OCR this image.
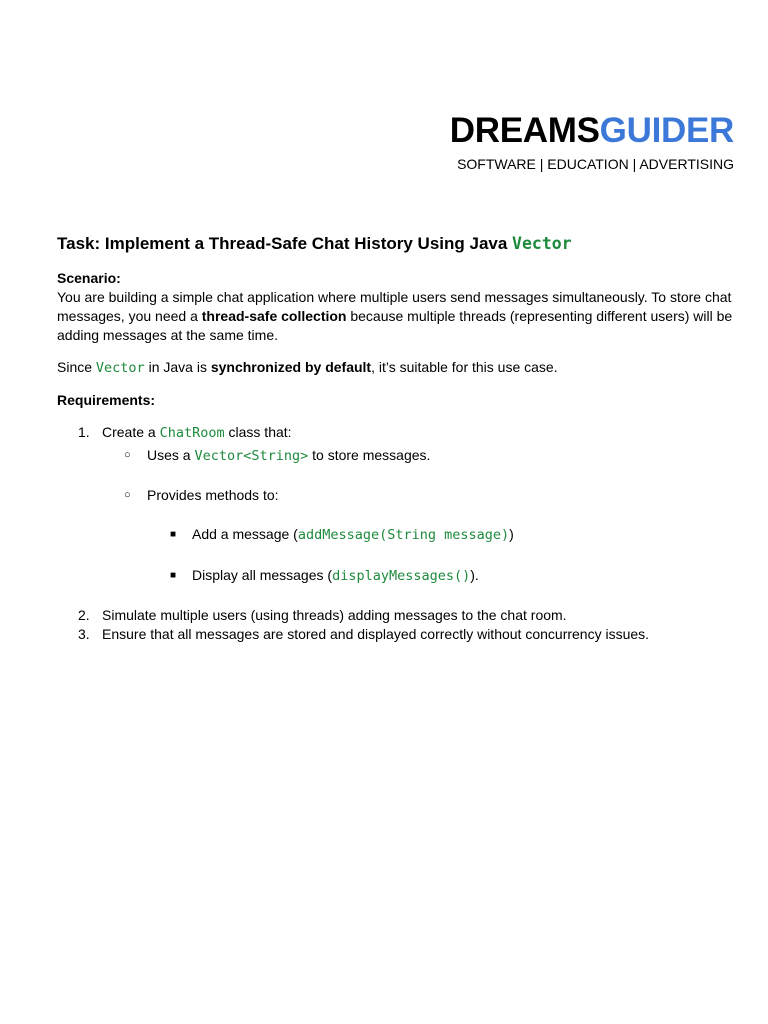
DREAMSGUIDER
SOFTWARE | EDUCATION | ADVERTISING
Task: Implement a Thread-Safe Chat History Using Java Vector

Scenario:

You are building a simple chat application where multiple users send messages simultaneously. To store chat messages, you need a thread-safe collection because multiple threads (representing different users) will be adding messages at the same time.

Since Vector in Java is synchronized by default, it’s suitable for this use case.

Requirements:

1. Create a ChatRoom class that:
○ Uses a Vector<String> to store messages.
○ Provides methods to:
■ Add a message (addMessage(String message))
■ Display all messages (displayMessages()).
2. Simulate multiple users (using threads) adding messages to the chat room.
3. Ensure that all messages are stored and displayed correctly without concurrency issues.
